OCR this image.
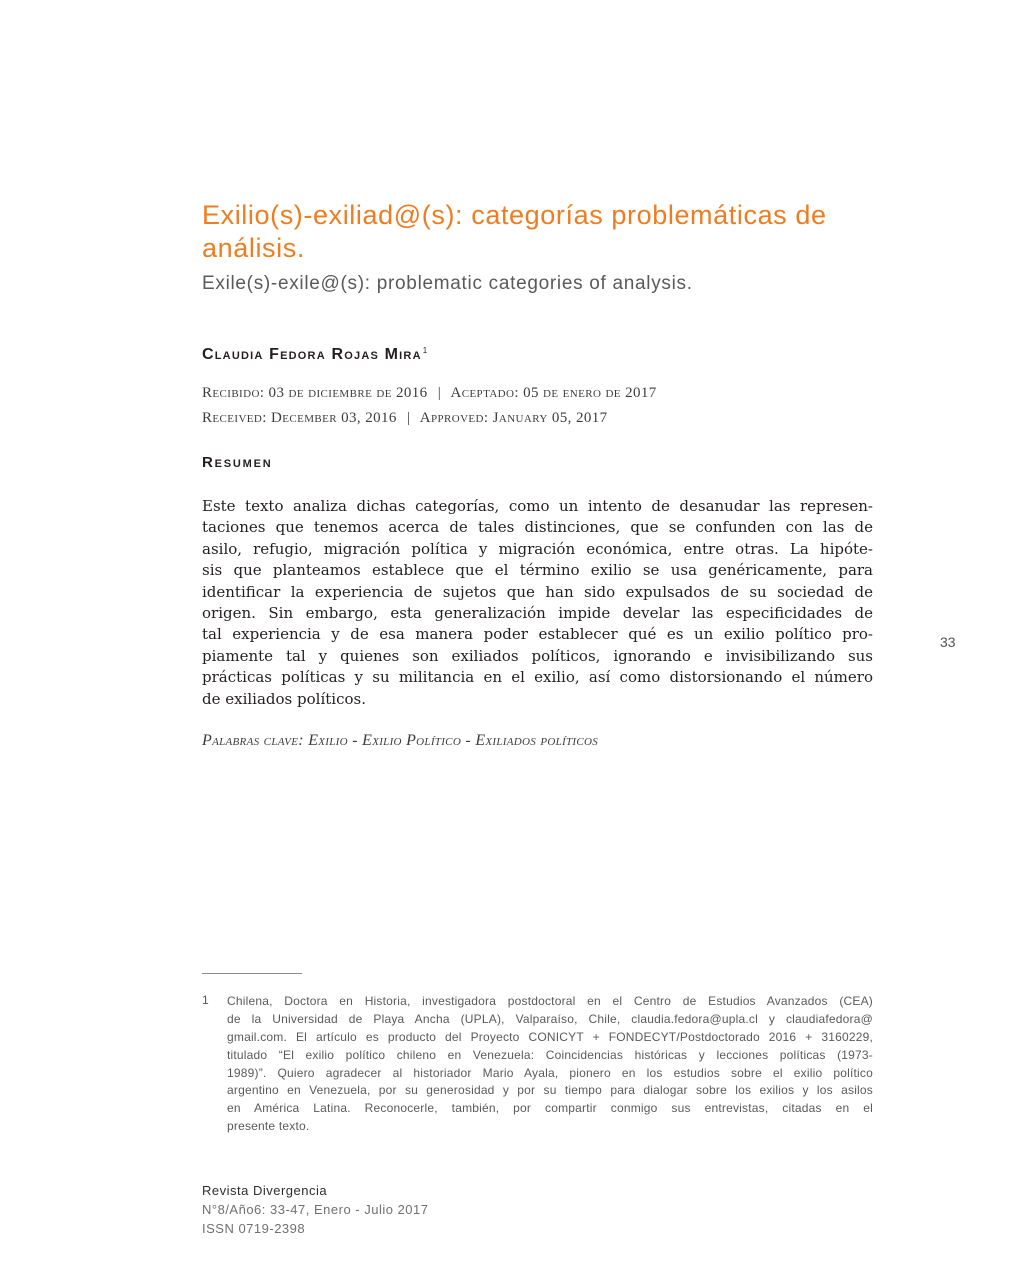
Exilio(s)-exiliad@(s): categorías problemáticas de análisis.
Exile(s)-exile@(s): problematic categories of analysis.
Claudia Fedora Rojas Mira$^1$
Recibido: 03 de diciembre de 2016 | Aceptado: 05 de enero de 2017
Received: December 03, 2016 | Approved: January 05, 2017
Resumen
Este texto analiza dichas categorías, como un intento de desanudar las represen-
taciones que tenemos acerca de tales distinciones, que se confunden con las de
asilo, refugio, migración política y migración económica, entre otras. La hipóte-
sis que planteamos establece que el término exilio se usa genéricamente, para
identificar la experiencia de sujetos que han sido expulsados de su sociedad de
origen. Sin embargo, esta generalización impide develar las especificidades de
tal experiencia y de esa manera poder establecer qué es un exilio político pro-
piamente tal y quienes son exiliados políticos, ignorando e invisibilizando sus
prácticas políticas y su militancia en el exilio, así como distorsionando el número
de exiliados políticos.
Palabras clave: Exilio - Exilio Político - Exiliados políticos
33
1 Chilena, Doctora en Historia, investigadora postdoctoral en el Centro de Estudios Avanzados (CEA)
de la Universidad de Playa Ancha (UPLA), Valparaíso, Chile, claudia.fedora@upla.cl y claudiafedora@
gmail.com. El artículo es producto del Proyecto CONICYT + FONDECYT/Postdoctorado 2016 + 3160229,
titulado “El exilio político chileno en Venezuela: Coincidencias históricas y lecciones políticas (1973-
1989)”. Quiero agradecer al historiador Mario Ayala, pionero en los estudios sobre el exilio político
argentino en Venezuela, por su generosidad y por su tiempo para dialogar sobre los exilios y los asilos
en América Latina. Reconocerle, también, por compartir conmigo sus entrevistas, citadas en el
presente texto.
Revista Divergencia
N°8/Año6: 33-47, Enero - Julio 2017
ISSN 0719-2398
